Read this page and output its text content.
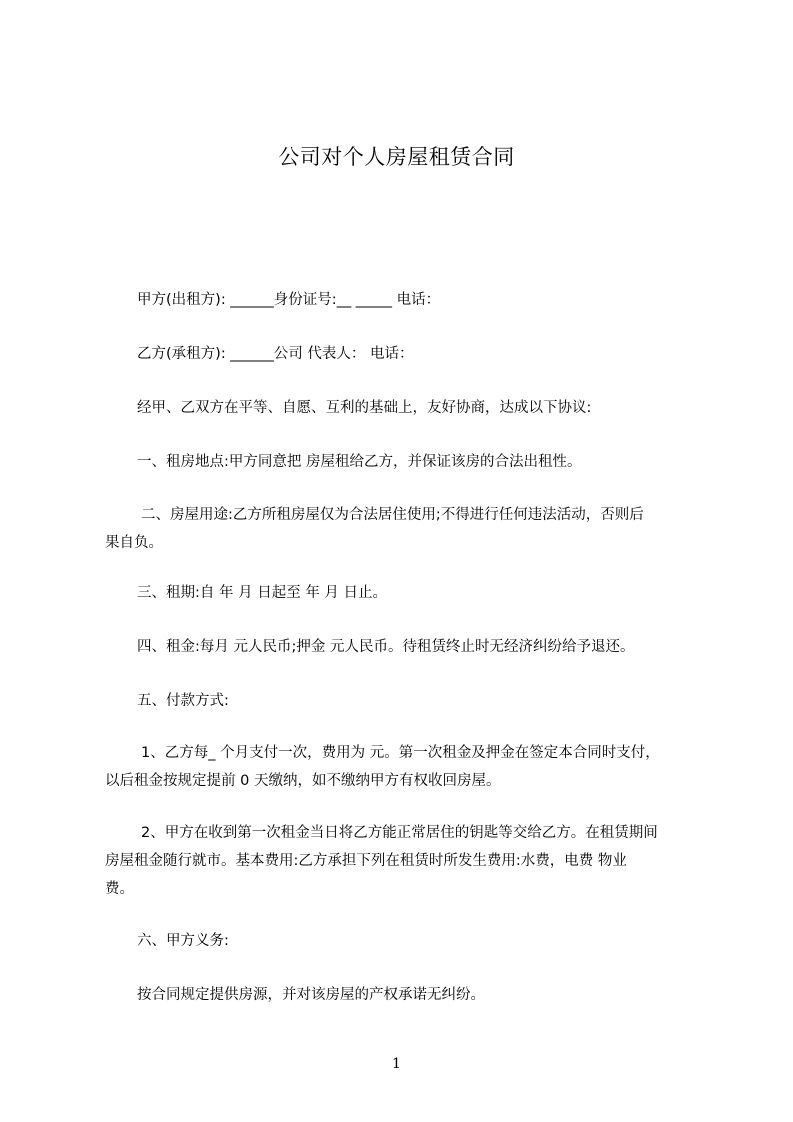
公司对个人房屋租赁合同

甲方(出租方): ______身份证号:__ _____ 电话：

乙方(承租方): ______公司 代表人： 电话：

经甲、乙双方在平等、自愿、互利的基础上，友好协商，达成以下协议:

一、租房地点:甲方同意把 房屋租给乙方，并保证该房的合法出租性。

二、房屋用途:乙方所租房屋仅为合法居住使用;不得进行任何违法活动，否则后
果自负。

三、租期:自 年 月 日起至 年 月 日止。

四、租金:每月 元人民币;押金 元人民币。待租赁终止时无经济纠纷给予退还。

五、付款方式:

1、乙方每_ 个月支付一次，费用为 元。第一次租金及押金在签定本合同时支付，
以后租金按规定提前 0 天缴纳，如不缴纳甲方有权收回房屋。

2、甲方在收到第一次租金当日将乙方能正常居住的钥匙等交给乙方。在租赁期间
房屋租金随行就市。基本费用:乙方承担下列在租赁时所发生费用:水费，电费 物业
费。

六、甲方义务:

按合同规定提供房源，并对该房屋的产权承诺无纠纷。

1
